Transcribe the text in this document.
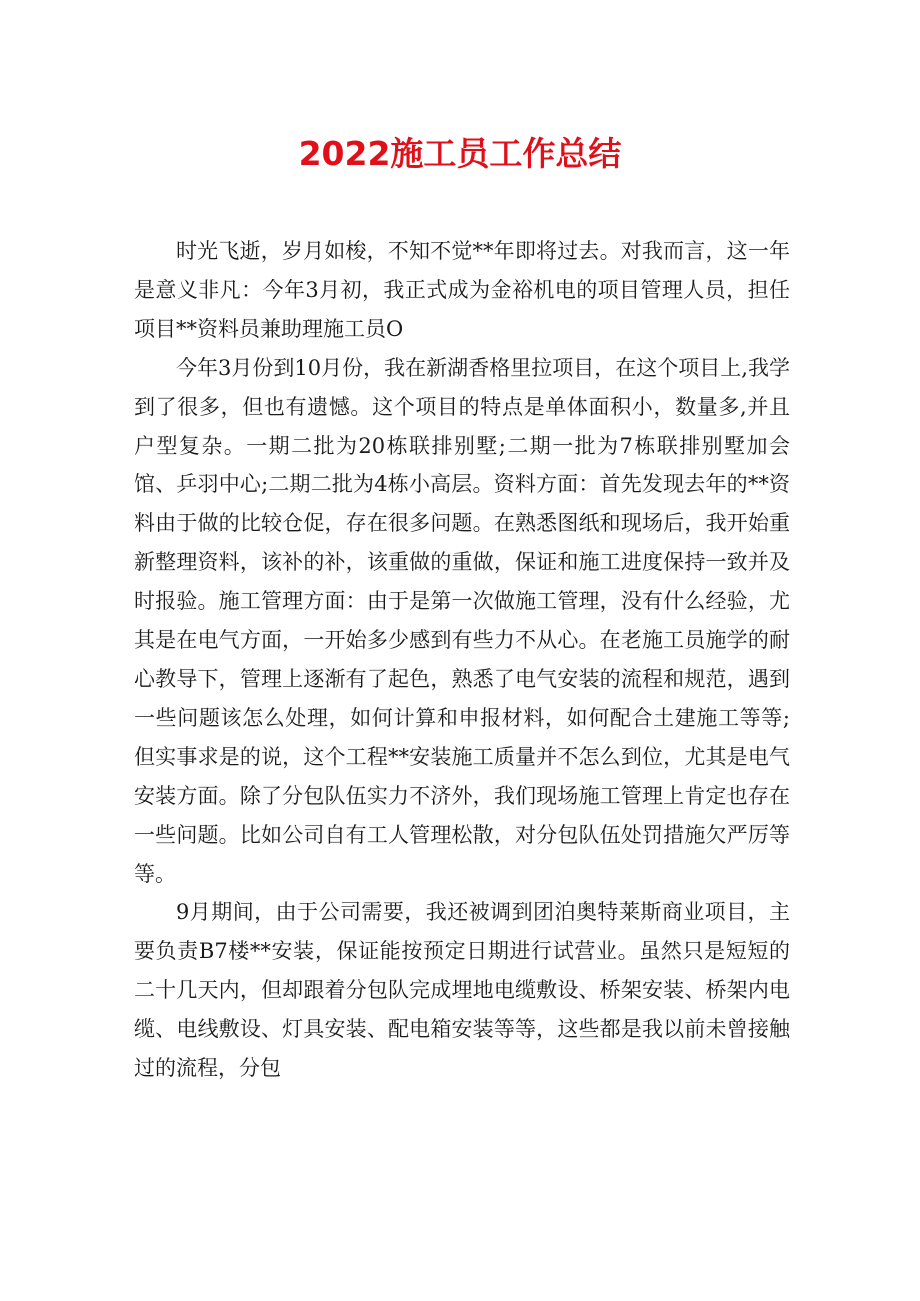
2022施工员工作总结

时光飞逝，岁月如梭，不知不觉**年即将过去。对我而言，这一年是意义非凡：今年3月初，我正式成为金裕机电的项目管理人员，担任项目**资料员兼助理施工员O

今年3月份到10月份，我在新湖香格里拉项目，在这个项目上,我学到了很多，但也有遗憾。这个项目的特点是单体面积小，数量多,并且户型复杂。一期二批为20栋联排别墅;二期一批为7栋联排别墅加会馆、乒羽中心;二期二批为4栋小高层。资料方面：首先发现去年的**资料由于做的比较仓促，存在很多问题。在熟悉图纸和现场后，我开始重新整理资料，该补的补，该重做的重做，保证和施工进度保持一致并及时报验。施工管理方面：由于是第一次做施工管理，没有什么经验，尤其是在电气方面，一开始多少感到有些力不从心。在老施工员施学的耐心教导下，管理上逐渐有了起色，熟悉了电气安装的流程和规范，遇到一些问题该怎么处理，如何计算和申报材料，如何配合土建施工等等;但实事求是的说，这个工程**安装施工质量并不怎么到位，尤其是电气安装方面。除了分包队伍实力不济外，我们现场施工管理上肯定也存在一些问题。比如公司自有工人管理松散，对分包队伍处罚措施欠严厉等等。

9月期间，由于公司需要，我还被调到团泊奥特莱斯商业项目，主要负责B7楼**安装，保证能按预定日期进行试营业。虽然只是短短的二十几天内，但却跟着分包队完成埋地电缆敷设、桥架安装、桥架内电缆、电线敷设、灯具安装、配电箱安装等等，这些都是我以前未曾接触过的流程，分包
